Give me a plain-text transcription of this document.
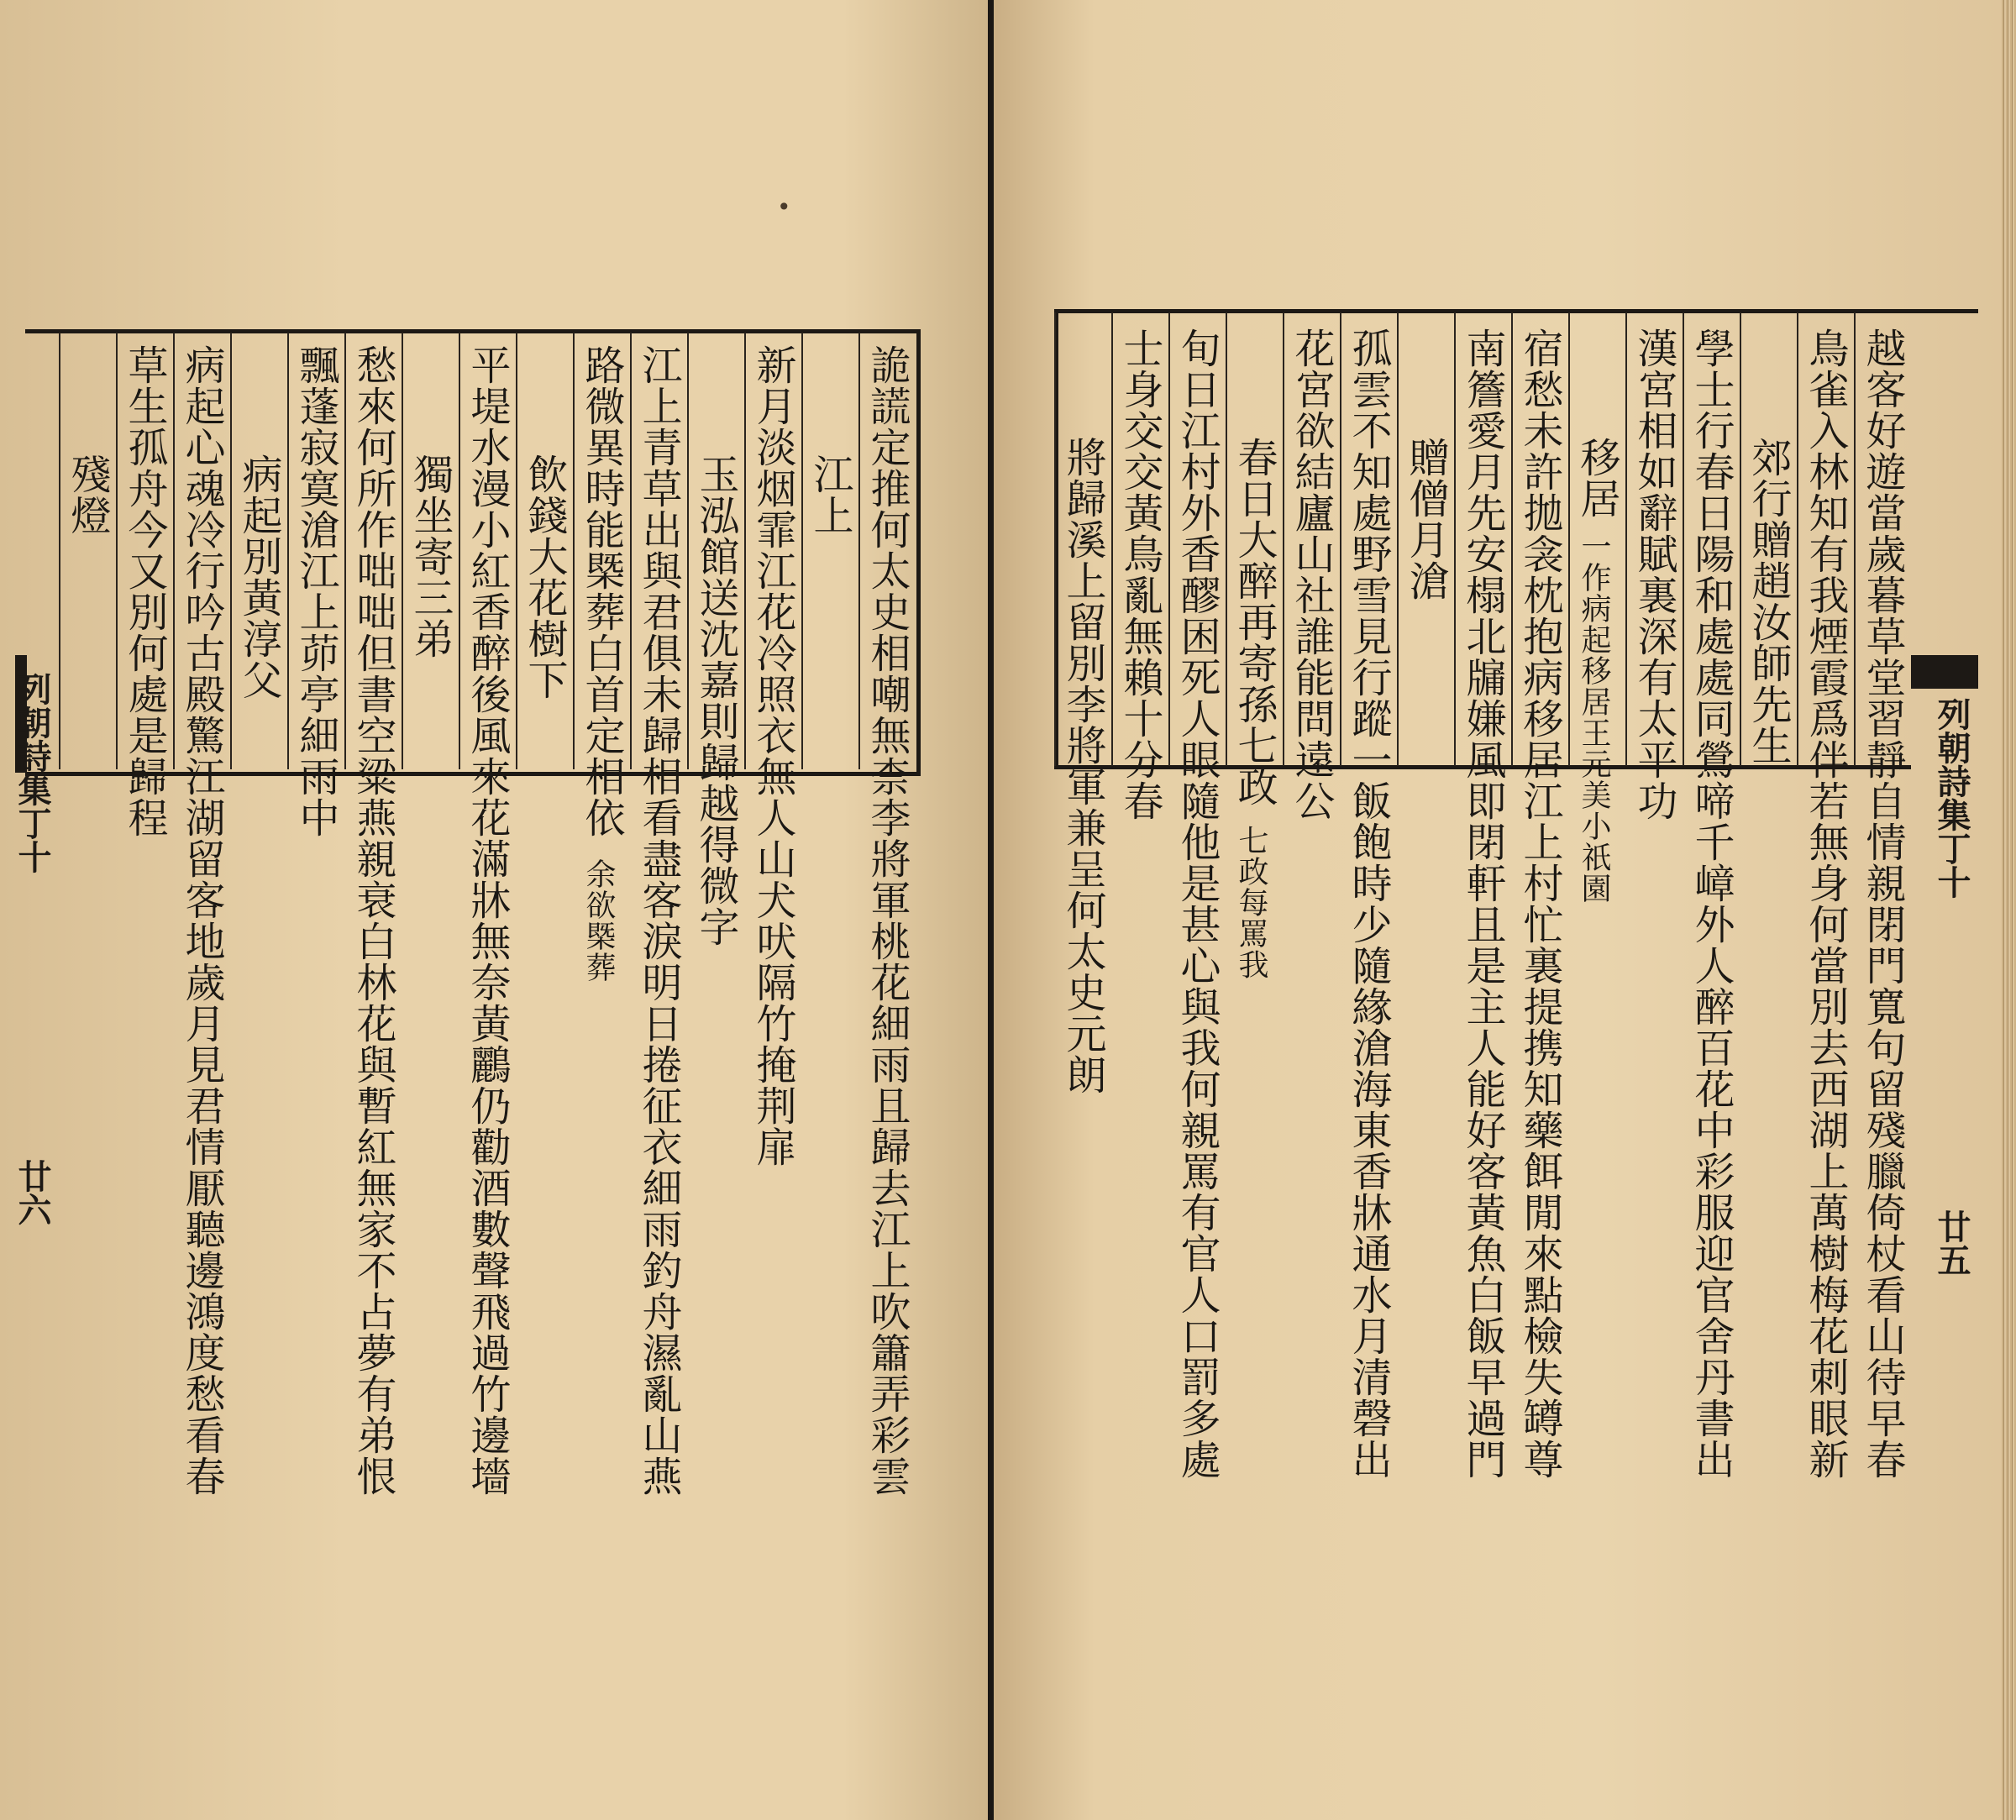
列朝詩集丁十
廿六
•
詭謊定推何太史相嘲無柰李將軍桃花細雨且歸去江上吹簫弄彩雲
江上
新月淡烟霏江花冷照衣無人山犬吠隔竹掩荆扉
玉泓館送沈嘉則歸越得微字
江上青草出與君俱未歸相看盡客淚明日捲征衣細雨釣舟濕亂山燕
路微異時能槩葬白首定相依
余欲槩葬
飲錢大花樹下
平堤水漫小紅香醉後風來花滿牀無奈黃鸝仍勸酒數聲飛過竹邊墻
獨坐寄三弟
愁來何所作咄咄但書空粱燕親衰白林花與暫紅無家不占夢有弟恨
飄蓬寂寞滄江上茆亭細雨中
病起別黃淳父
病起心魂冷行吟古殿驚江湖留客地歲月見君情厭聽邊鴻度愁看春
草生孤舟今又別何處是歸程
殘燈
列朝詩集丁十
廿五
越客好遊當歲暮草堂習靜自情親閉門寬句留殘臘倚杖看山待早春
鳥雀入林知有我煙霞爲伴若無身何當別去西湖上萬樹梅花刺眼新
郊行贈趙汝師先生
學士行春日陽和處處同鶯啼千嶂外人醉百花中彩服迎官舍丹書出
漢宮相如辭賦裏深有太平功
移居
一作病起移居王元美小祇園
宿愁未許拋衾枕抱病移居江上村忙裏提携知藥餌閒來點檢失罇尊
南簷愛月先安榻北牖嫌風即閉軒且是主人能好客黃魚白飯早過門
贈僧月滄
孤雲不知處野雪見行蹤一飯飽時少隨緣滄海東香牀通水月清磬出
花宮欲結廬山社誰能問遠公
春日大醉再寄孫七政
七政每罵我
旬日江村外香醪困死人眼隨他是甚心與我何親罵有官人口罰多處
士身交交黃鳥亂無賴十分春
將歸溪上留別李將軍兼呈何太史元朗
